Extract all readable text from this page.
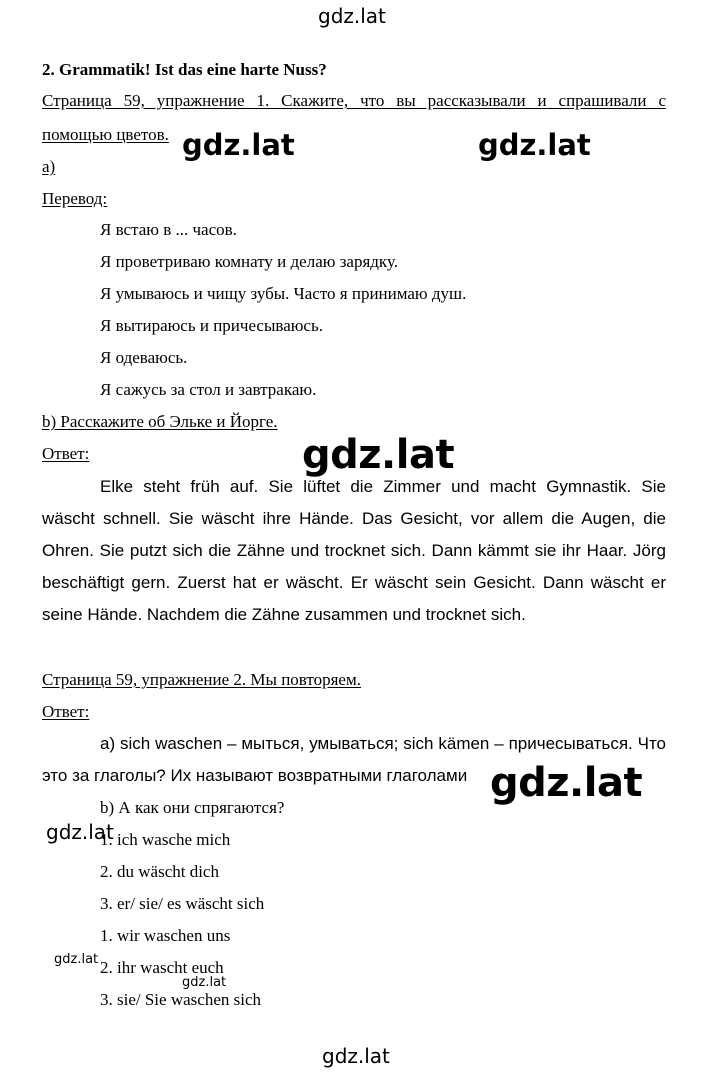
gdz.lat
gdz.lat	gdz.lat
2. Grammatik! Ist das eine harte Nuss?
Страница 59, упражнение 1. Скажите, что вы рассказывали и спрашивали с
помощью цветов.
a)
Перевод:
Я встаю в ... часов.
Я проветриваю комнату и делаю зарядку.
Я умываюсь и чищу зубы. Часто я принимаю душ.
Я вытираюсь и причесываюсь.
Я одеваюсь.
Я сажусь за стол и завтракаю.
b) Расскажите об Эльке и Йорге.
Ответ:
Elke steht früh auf. Sie lüftet die Zimmer und macht Gymnastik. Sie
wäscht schnell. Sie wäscht ihre Hände. Das Gesicht, vor allem die Augen, die
Ohren. Sie putzt sich die Zähne und trocknet sich. Dann kämmt sie ihr Haar. Jörg
beschäftigt gern. Zuerst hat er wäscht. Er wäscht sein Gesicht. Dann wäscht er
seine Hände. Nachdem die Zähne zusammen und trocknet sich.
gdz.lat
Страница 59, упражнение 2. Мы повторяем.
Ответ:
a) sich waschen – мыться, умываться; sich kämen – причесываться. Что
это за глаголы? Их называют возвратными глаголами gdz.lat
b) А как они спрягаются?
1. ich wasche mich
2. du wäscht dich
3. er/ sie/ es wäscht sich
1. wir waschen uns
2. ihr wascht euch
3. sie/ Sie waschen sich
gdz.lat
gdz.lat
gdz.lat
gdz.lat
